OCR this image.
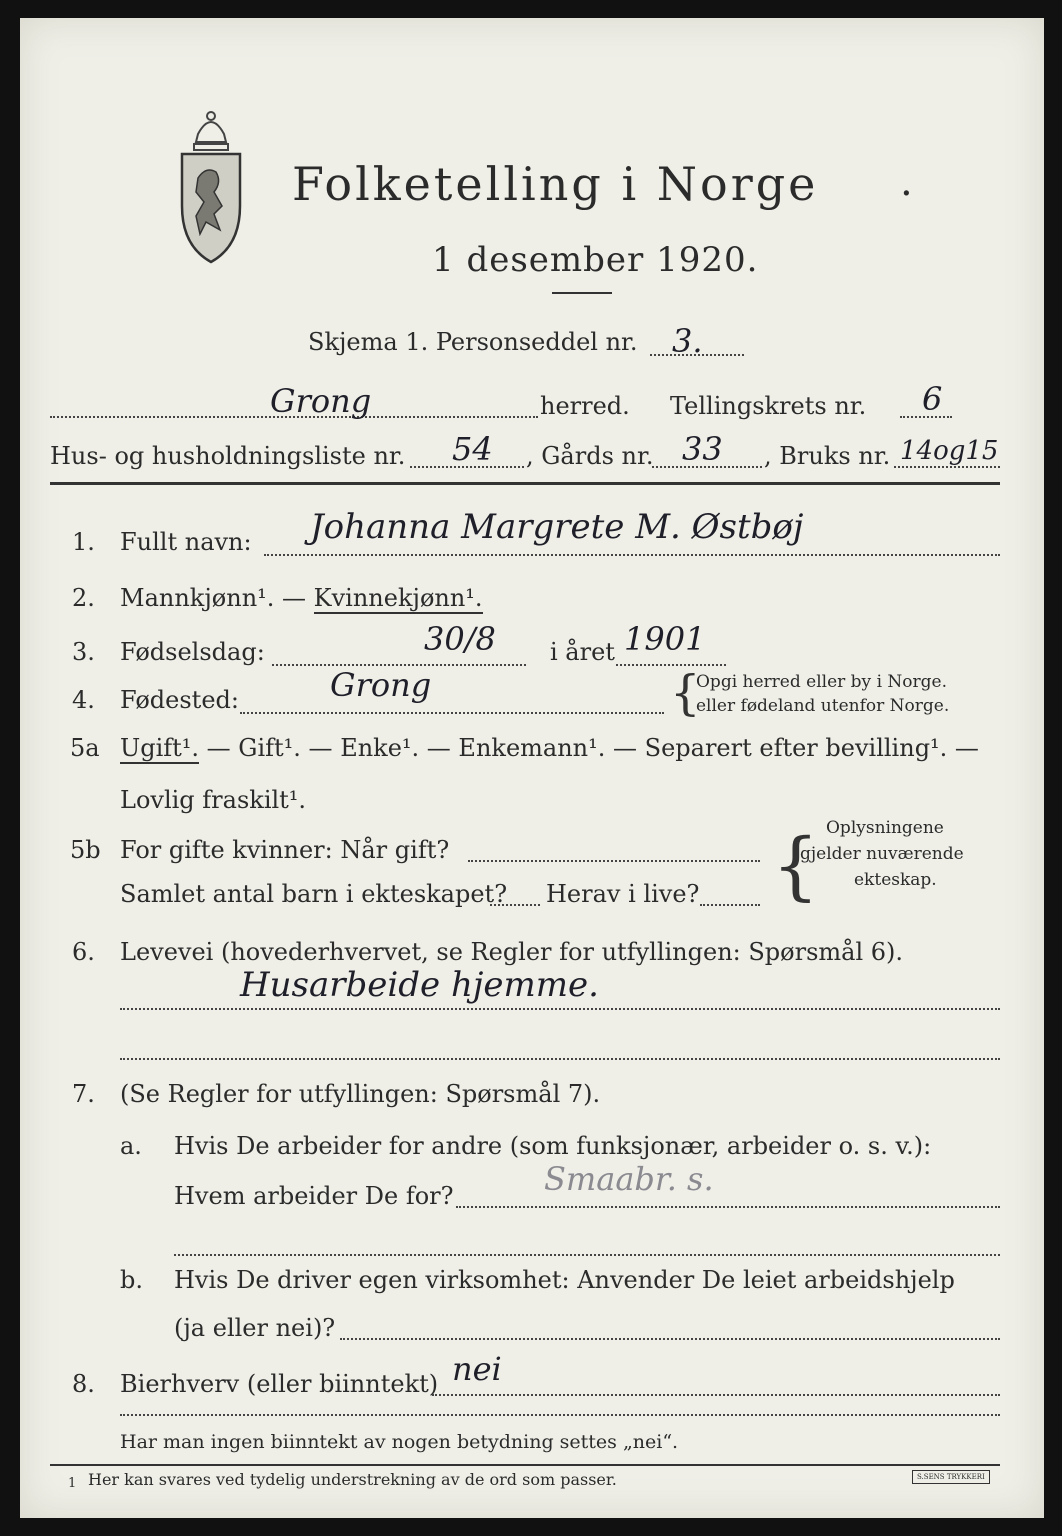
Folketelling i Norge .
1 desember 1920.
Skjema 1. Personseddel nr. 3.
Grong	herred. Tellingskrets nr. 6
Hus- og husholdningsliste nr. 54 , Gårds nr. 33 , Bruks nr. 14og15
1. Fullt navn: Johanna Margrete M. Østbøj
2. Mannkjønn¹. — Kvinnekjønn¹.
3. Fødselsdag:	30/8 i året 1901
4. Fødested:	Grong	{
Opgi herred eller by i Norge.
eller fødeland utenfor Norge.
5a Ugift¹. — Gift¹. — Enke¹. — Enkemann¹. — Separert efter bevilling¹. —
Lovlig fraskilt¹.
5b For gifte kvinner: Når gift?
Samlet antal barn i ekteskapet? Herav i live? { Oplysningene
gjelder nuværende
ekteskap.
6. Levevei (hovederhvervet, se Regler for utfyllingen: Spørsmål 6).
Husarbeide hjemme.
7. (Se Regler for utfyllingen: Spørsmål 7).
a. Hvis De arbeider for andre (som funksjonær, arbeider o. s. v.):
Hvem arbeider De for?	Smaabr. s.
b. Hvis De driver egen virksomhet: Anvender De leiet arbeidshjelp
(ja eller nei)?
8. Bierhverv (eller biinntekt) nei
Har man ingen biinntekt av nogen betydning settes „nei“.
1 Her kan svares ved tydelig understrekning av de ord som passer.	S.SENS TRYKKERI
